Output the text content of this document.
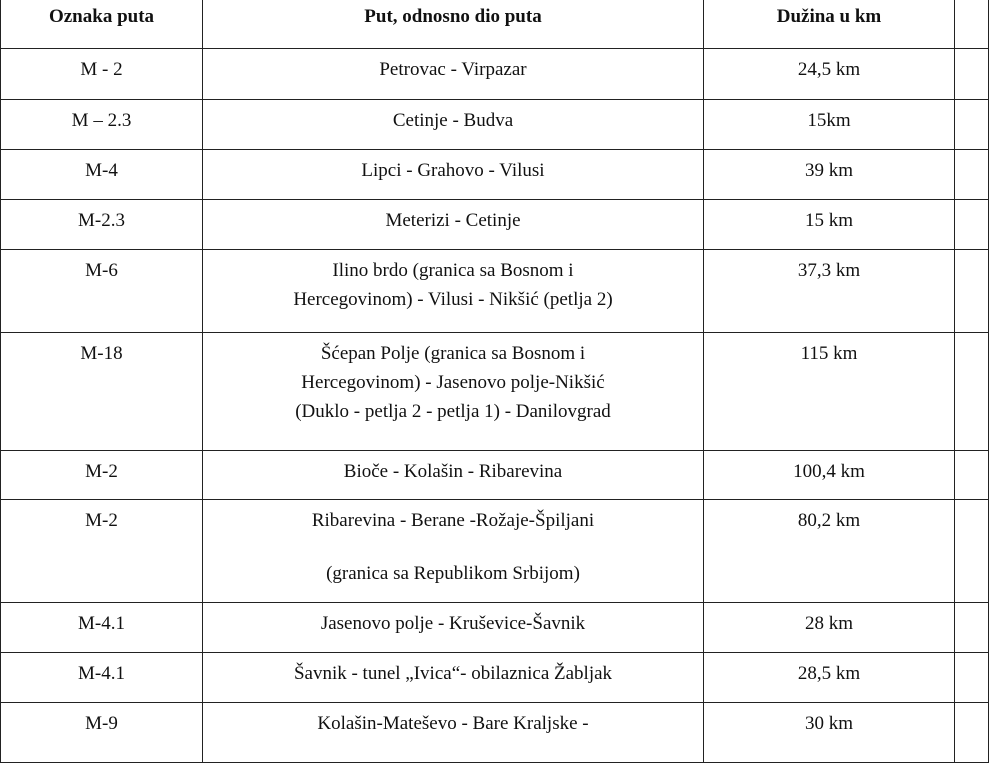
Oznaka puta	Put, odnosno dio puta	Dužina u km	
M - 2	Petrovac - Virpazar	24,5 km	
M – 2.3	Cetinje - Budva	15km	
M-4	Lipci - Grahovo - Vilusi	39 km	
M-2.3	Meterizi - Cetinje	15 km	
M-6	Ilino brdo (granica sa Bosnom i
Hercegovinom) - Vilusi - Nikšić (petlja 2)	37,3 km	
M-18	Šćepan Polje (granica sa Bosnom i
Hercegovinom) - Jasenovo polje-Nikšić
(Duklo - petlja 2 - petlja 1) - Danilovgrad	115 km	
M-2	Bioče - Kolašin - Ribarevina	100,4 km	
M-2	Ribarevina - Berane -Rožaje-Špiljani
(granica sa Republikom Srbijom)	80,2 km	
M-4.1	Jasenovo polje - Kruševice-Šavnik	28 km	
M-4.1	Šavnik - tunel „Ivica“- obilaznica Žabljak	28,5 km	
M-9	Kolašin-Mateševo - Bare Kraljske -	30 km	
